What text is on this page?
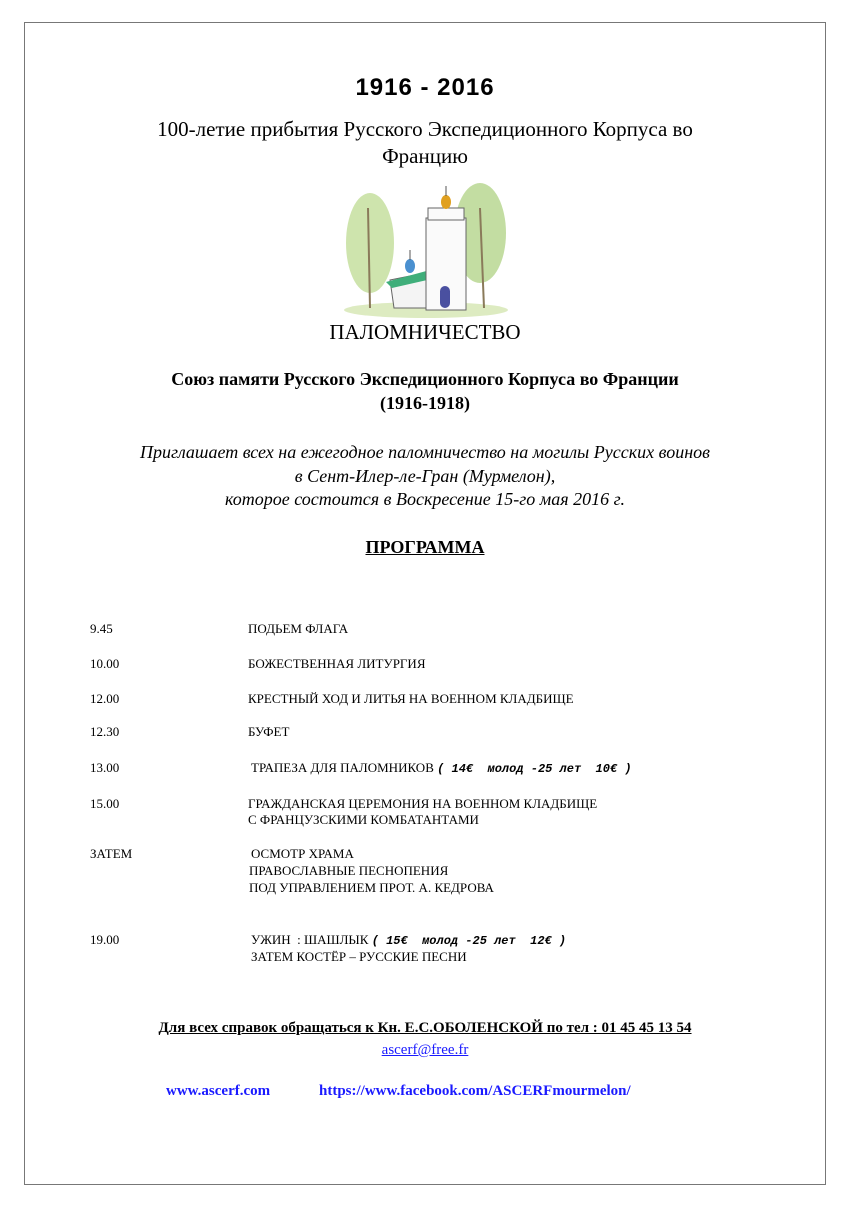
1916 - 2016
100-летие прибытия Русского Экспедиционного Корпуса во
Францию
ПАЛОМНИЧЕСТВО
Союз памяти Русского Экспедиционного Корпуса во Франции
(1916-1918)
Приглашает всех на ежегодное паломничество на могилы Русских воинов
в Сент-Илер-ле-Гран (Мурмелон),
которое состоится в Воскресение 15-го мая 2016 г.
ПРОГРАММА
9.45	ПОДЬЕМ ФЛАГА
10.00	БОЖЕСТВЕННАЯ ЛИТУРГИЯ
12.00	КРЕСТНЫЙ ХОД И ЛИТЬЯ НА ВОЕННОМ КЛАДБИЩЕ
12.30	БУФЕТ
13.00	ТРАПЕЗА ДЛЯ ПАЛОМНИКОВ ( 14€  молод -25 лет  10€ )
15.00	ГРАЖДАНСКАЯ ЦЕРЕМОНИЯ НА ВОЕННОМ КЛАДБИЩЕ
С ФРАНЦУЗСКИМИ КОМБАТАНТАМИ
ЗАТЕМ	ОСМОТР ХРАМА
ПРАВОСЛАВНЫЕ ПЕСНОПЕНИЯ
ПОД УПРАВЛЕНИЕМ ПРОТ. А. КЕДРОВА
19.00	УЖИН  : ШАШЛЫК ( 15€  молод -25 лет  12€ )
ЗАТЕМ КОСТЁР – РУССКИЕ ПЕСНИ
Для всех справок обращаться к Кн. Е.С.ОБОЛЕНСКОЙ по тел : 01 45 45 13 54
ascerf@free.fr
www.ascerf.com	https://www.facebook.com/ASCERFmourmelon/
